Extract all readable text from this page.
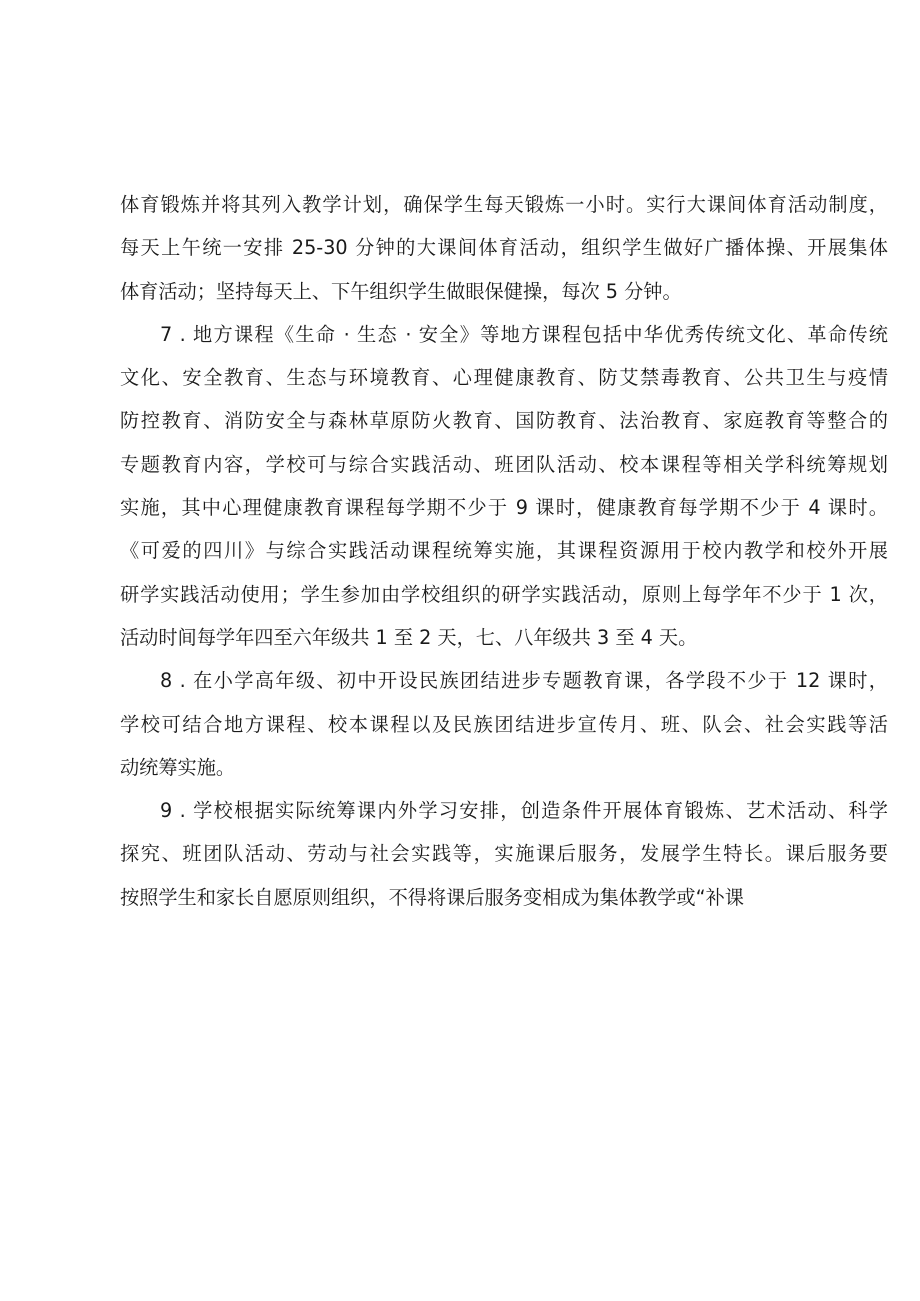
体育锻炼并将其列入教学计划，确保学生每天锻炼一小时。实行大课间体育活动制度，
每天上午统一安排 25-30 分钟的大课间体育活动，组织学生做好广播体操、开展集体
体育活动；坚持每天上、下午组织学生做眼保健操，每次 5 分钟。
7 . 地方课程《生命 · 生态 · 安全》等地方课程包括中华优秀传统文化、革命传统
文化、安全教育、生态与环境教育、心理健康教育、防艾禁毒教育、公共卫生与疫情
防控教育、消防安全与森林草原防火教育、国防教育、法治教育、家庭教育等整合的
专题教育内容，学校可与综合实践活动、班团队活动、校本课程等相关学科统筹规划
实施，其中心理健康教育课程每学期不少于 9 课时，健康教育每学期不少于 4 课时。
《可爱的四川》与综合实践活动课程统筹实施，其课程资源用于校内教学和校外开展
研学实践活动使用；学生参加由学校组织的研学实践活动，原则上每学年不少于 1 次，
活动时间每学年四至六年级共 1 至 2 天，七、八年级共 3 至 4 天。
8 . 在小学高年级、初中开设民族团结进步专题教育课，各学段不少于 12 课时，
学校可结合地方课程、校本课程以及民族团结进步宣传月、班、队会、社会实践等活
动统筹实施。
9 . 学校根据实际统筹课内外学习安排，创造条件开展体育锻炼、艺术活动、科学
探究、班团队活动、劳动与社会实践等，实施课后服务，发展学生特长。课后服务要
按照学生和家长自愿原则组织，不得将课后服务变相成为集体教学或“补课
